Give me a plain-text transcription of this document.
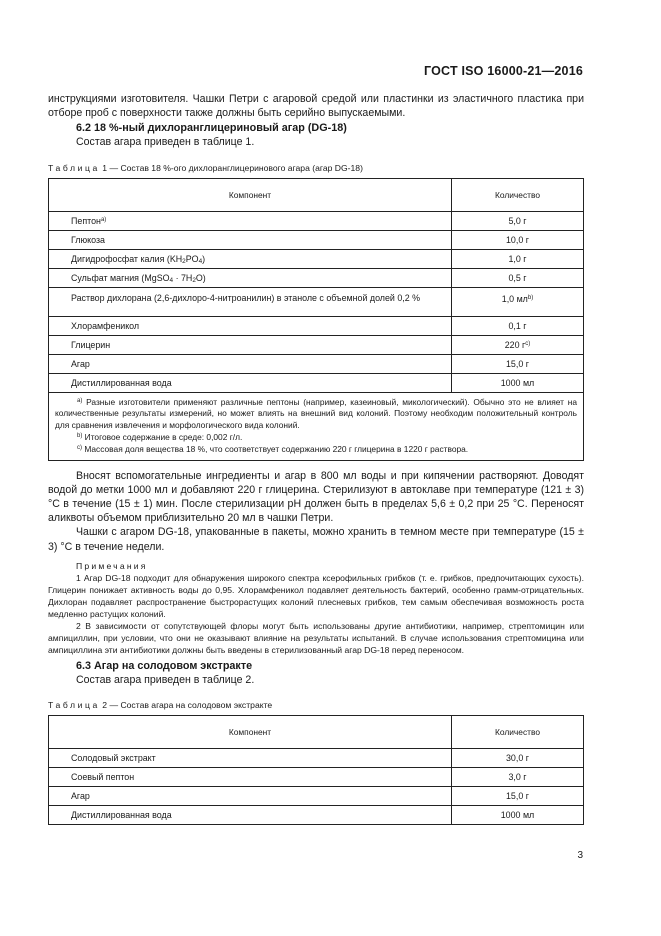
ГОСТ ISO 16000-21—2016

инструкциями изготовителя. Чашки Петри с агаровой средой или пластинки из эластичного пластика при отборе проб с поверхности также должны быть серийно выпускаемыми.

6.2 18 %-ный дихлоранглицериновый агар (DG-18)

Состав агара приведен в таблице 1.

Таблица 1 — Состав 18 %-ого дихлоранглицеринового агара (агар DG-18)

Компонент	Количество
Пептон$^{a)}$	5,0 г
Глюкоза	10,0 г
Дигидрофосфат калия $(KH_2PO_4)$	1,0 г
Сульфат магния (MgSO$_4$ · $7H_2O$)	0,5 г
Раствор дихлорана (2,6-дихлоро-4-нитроанилин) в этаноле с объемной долей 0,2 %	1,0 $мл^{b)}$
Хлорамфеникол	0,1 г
Глицерин	220 $г^{c)}$
Агар	15,0 г
Дистиллированная вода	1000 мл

$^{a)}$ Разные изготовители применяют различные пептоны (например, казеиновый, микологический). Обычно это не влияет на количественные результаты измерений, но может влиять на внешний вид колоний. Поэтому необходим положительный контроль для сравнения извлечения и морфологического вида колоний.
$^{b)}$ Итоговое содержание в среде: 0,002 г/л.
$^{c)}$ Массовая доля вещества 18 %, что соответствует содержанию 220 г глицерина в 1220 г раствора.	

Вносят вспомогательные ингредиенты и агар в 800 мл воды и при кипячении растворяют. Доводят водой до метки 1000 мл и добавляют 220 г глицерина. Стерилизуют в автоклаве при температуре (121 ± 3) °С в течение (15 ± 1) мин. После стерилизации pH должен быть в пределах 5,6 ± 0,2 при 25 °С. Переносят аликвоты объемом приблизительно 20 мл в чашки Петри.

Чашки с агаром DG-18, упакованные в пакеты, можно хранить в темном месте при температуре (15 ± 3) °С в течение недели.

Примечания
1 Агар DG-18 подходит для обнаружения широкого спектра ксерофильных грибков (т. е. грибков, предпочитающих сухость). Глицерин понижает активность воды до 0,95. Хлорамфеникол подавляет деятельность бактерий, особенно грамм-отрицательных. Дихлоран подавляет распространение быстрорастущих колоний плесневых грибков, тем самым обеспечивая возможность роста медленно растущих колоний.
2 В зависимости от сопутствующей флоры могут быть использованы другие антибиотики, например, стрептомицин или ампициллин, при условии, что они не оказывают влияние на результаты испытаний. В случае использования стрептомицина или ампициллина эти антибиотики должны быть введены в стерилизованный агар DG-18 перед переносом.

6.3 Агар на солодовом экстракте

Состав агара приведен в таблице 2.

Таблица 2 — Состав агара на солодовом экстракте

Компонент	Количество
Солодовый экстракт	30,0 г
Соевый пептон	3,0 г
Агар	15,0 г
Дистиллированная вода	1000 мл
3
